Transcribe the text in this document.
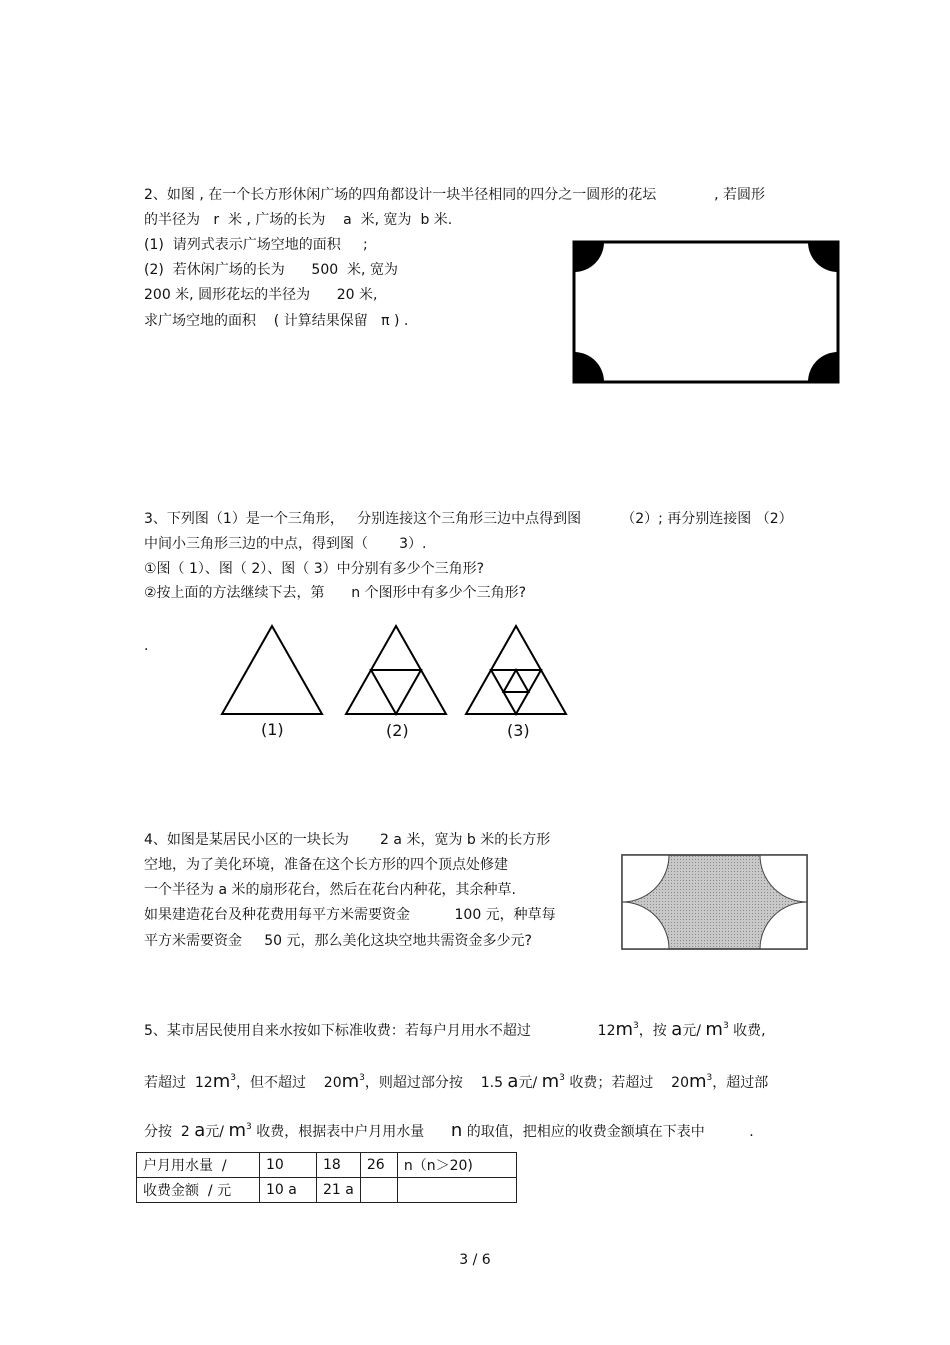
2、如图 , 在一个长方形休闲广场的四角都设计一块半径相同的四分之一圆形的花坛             , 若圆形
的半径为   r  米 , 广场的长为    a  米, 宽为  b 米.
(1)  请列式表示广场空地的面积     ;
(2)  若休闲广场的长为      500  米, 宽为
200 米, 圆形花坛的半径为      20 米,
求广场空地的面积    ( 计算结果保留   π ) .
3、下列图（1）是一个三角形，   分别连接这个三角形三边中点得到图         （2）; 再分别连接图 （2）
中间小三角形三边的中点，得到图（       3）.
①图（ 1）、图（ 2）、图（ 3）中分别有多少个三角形?
②按上面的方法继续下去，第      n 个图形中有多少个三角形?
.
(1)	(2)	(3)
4、如图是某居民小区的一块长为       2 a 米，宽为 b 米的长方形
空地，为了美化环境，准备在这个长方形的四个顶点处修建
一个半径为 a 米的扇形花台，然后在花台内种花，其余种草.
如果建造花台及种花费用每平方米需要资金          100 元，种草每
平方米需要资金     50 元，那么美化这块空地共需资金多少元?
5、某市居民使用自来水按如下标准收费：若每户月用水不超过               $12m^3$，按 a元/ $m^3$ 收费,
若超过  $12m^3$，但不超过    $20m^3$，则超过部分按    1.5 a元/ $m^3$ 收费；若超过    $20m^3$，超过部
分按  2 a元/ $m^3$ 收费，根据表中户月用水量      n 的取值，把相应的收费金额填在下表中          .
户月用水量  /	10	18	26	n（n＞20)
收费金额  / 元	10 a	21 a		
3 / 6
